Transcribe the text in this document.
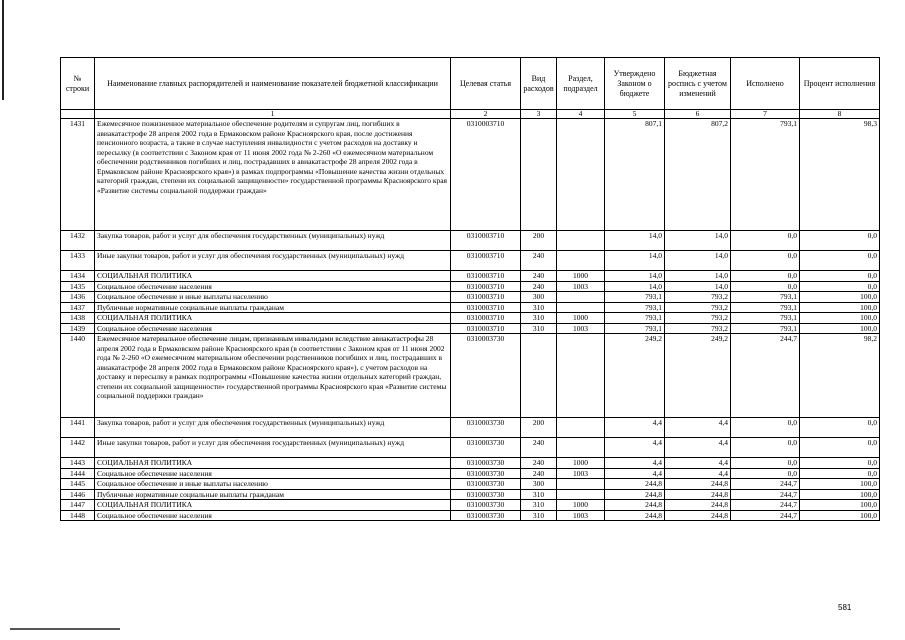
№ строки	Наименование главных распорядителей и наименование показателей бюджетной классификации	Целевая статья	Вид расходов	Раздел, подраздел	Утверждено Законом о бюджете	Бюджетная роспись с учетом изменений	Исполнено	Процент исполнения
	1	2	3	4	5	6	7	8
1431	Ежемесячное пожизненное материальное обеспечение родителям и супругам лиц, погибших в авиакатастрофе 28 апреля 2002 года в Ермаковском районе Красноярского края, после достижения пенсионного возраста, а также в случае наступления инвалидности с учетом расходов на доставку и пересылку (в соответствии с Законом края от 11 июня 2002 года № 2-260 «О ежемесячном материальном обеспечении родственников погибших и лиц, пострадавших в авиакатастрофе 28 апреля 2002 года в Ермаковском районе Красноярского края») в рамках подпрограммы «Повышение качества жизни отдельных категорий граждан, степени их социальной защищенности» государственной программы Красноярского края «Развитие системы социальной поддержки граждан»	0310003710			807,1	807,2	793,1	98,3
1432	Закупка товаров, работ и услуг для обеспечения государственных (муниципальных) нужд	0310003710	200		14,0	14,0	0,0	0,0
1433	Иные закупки товаров, работ и услуг для обеспечения государственных (муниципальных) нужд	0310003710	240		14,0	14,0	0,0	0,0
1434	СОЦИАЛЬНАЯ ПОЛИТИКА	0310003710	240	1000	14,0	14,0	0,0	0,0
1435	Социальное обеспечение населения	0310003710	240	1003	14,0	14,0	0,0	0,0
1436	Социальное обеспечение и иные выплаты населению	0310003710	300		793,1	793,2	793,1	100,0
1437	Публичные нормативные социальные выплаты гражданам	0310003710	310		793,1	793,2	793,1	100,0
1438	СОЦИАЛЬНАЯ ПОЛИТИКА	0310003710	310	1000	793,1	793,2	793,1	100,0
1439	Социальное обеспечение населения	0310003710	310	1003	793,1	793,2	793,1	100,0
1440	Ежемесячное материальное обеспечение лицам, признанным инвалидами вследствие авиакатастрофы 28 апреля 2002 года в Ермаковском районе Красноярского края (в соответствии с Законом края от 11 июня 2002 года № 2-260 «О ежемесячном материальном обеспечении родственников погибших и лиц, пострадавших в авиакатастрофе 28 апреля 2002 года в Ермаковском районе Красноярского края»), с учетом расходов на доставку и пересылку в рамках подпрограммы «Повышение качества жизни отдельных категорий граждан, степени их социальной защищенности» государственной программы Красноярского края «Развитие системы социальной поддержки граждан»	0310003730			249,2	249,2	244,7	98,2
1441	Закупка товаров, работ и услуг для обеспечения государственных (муниципальных) нужд	0310003730	200		4,4	4,4	0,0	0,0
1442	Иные закупки товаров, работ и услуг для обеспечения государственных (муниципальных) нужд	0310003730	240		4,4	4,4	0,0	0,0
1443	СОЦИАЛЬНАЯ ПОЛИТИКА	0310003730	240	1000	4,4	4,4	0,0	0,0
1444	Социальное обеспечение населения	0310003730	240	1003	4,4	4,4	0,0	0,0
1445	Социальное обеспечение и иные выплаты населению	0310003730	300		244,8	244,8	244,7	100,0
1446	Публичные нормативные социальные выплаты гражданам	0310003730	310		244,8	244,8	244,7	100,0
1447	СОЦИАЛЬНАЯ ПОЛИТИКА	0310003730	310	1000	244,8	244,8	244,7	100,0
1448	Социальное обеспечение населения	0310003730	310	1003	244,8	244,8	244,7	100,0
581
